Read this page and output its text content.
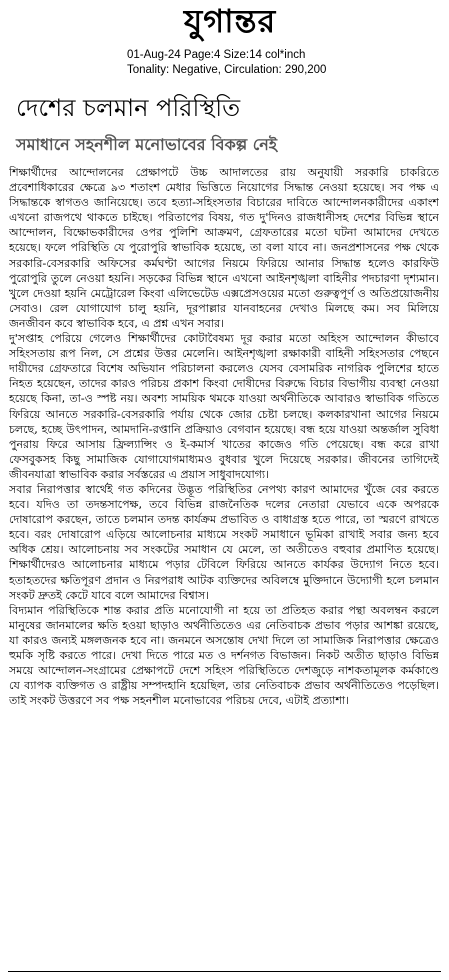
যুগান্তর
01-Aug-24 Page:4 Size:14 col*inch
Tonality: Negative, Circulation: 290,200
দেশের চলমান পরিস্থিতি
সমাধানে সহনশীল মনোভাবের বিকল্প নেই

শিক্ষার্থীদের আন্দোলনের প্রেক্ষাপটে উচ্চ আদালতের রায় অনুযায়ী সরকারি চাকরিতে প্রবেশাধিকারের ক্ষেত্রে ৯৩ শতাংশ মেধার ভিত্তিতে নিয়োগের সিদ্ধান্ত নেওয়া হয়েছে। সব পক্ষ এ সিদ্ধান্তকে স্বাগতও জানিয়েছে। তবে হত্যা-সহিংসতার বিচারের দাবিতে আন্দোলনকারীদের একাংশ এখনো রাজপথে থাকতে চাইছে। পরিতাপের বিষয়, গত দু'দিনও রাজধানীসহ দেশের বিভিন্ন স্থানে আন্দোলন, বিক্ষোভকারীদের ওপর পুলিশি আক্রমণ, গ্রেফতারের মতো ঘটনা আমাদের দেখতে হয়েছে। ফলে পরিস্থিতি যে পুরোপুরি স্বাভাবিক হয়েছে, তা বলা যাবে না। জনপ্রশাসনের পক্ষ থেকে সরকারি-বেসরকারি অফিসের কর্মঘণ্টা আগের নিয়মে ফিরিয়ে আনার সিদ্ধান্ত হলেও কারফিউ পুরোপুরি তুলে নেওয়া হয়নি। সড়কের বিভিন্ন স্থানে এখনো আইনশৃঙ্খলা বাহিনীর পদচারণা দৃশ্যমান। খুলে দেওয়া হয়নি মেট্রোরেল কিংবা এলিভেটেড এক্সপ্রেসওয়ের মতো গুরুত্বপূর্ণ ও অতিপ্রয়োজনীয় সেবাও। রেল যোগাযোগ চালু হয়নি, দূরপাল্লার যানবাহনের দেখাও মিলছে কম। সব মিলিয়ে জনজীবন কবে স্বাভাবিক হবে, এ প্রশ্ন এখন সবার।

দু'সপ্তাহ পেরিয়ে গেলেও শিক্ষার্থীদের কোটাবৈষম্য দূর করার মতো অহিংস আন্দোলন কীভাবে সহিংসতায় রূপ নিল, সে প্রশ্নের উত্তর মেলেনি। আইনশৃঙ্খলা রক্ষাকারী বাহিনী সহিংসতার পেছনে দায়ীদের গ্রেফতারে বিশেষ অভিযান পরিচালনা করলেও যেসব বেসামরিক নাগরিক পুলিশের হাতে নিহত হয়েছেন, তাদের কারও পরিচয় প্রকাশ কিংবা দোষীদের বিরুদ্ধে বিচার বিভাগীয় ব্যবস্থা নেওয়া হয়েছে কিনা, তা-ও স্পষ্ট নয়। অবশ্য সাময়িক থমকে যাওয়া অর্থনীতিকে আবারও স্বাভাবিক গতিতে ফিরিয়ে আনতে সরকারি-বেসরকারি পর্যায় থেকে জোর চেষ্টা চলছে। কলকারখানা আগের নিয়মে চলছে, হচ্ছে উৎপাদন, আমদানি-রপ্তানি প্রক্রিয়াও বেগবান হয়েছে। বন্ধ হয়ে যাওয়া অন্তর্জাল সুবিধা পুনরায় ফিরে আসায় ফ্রিল্যান্সিং ও ই-কমার্স খাতের কাজেও গতি পেয়েছে। বন্ধ করে রাখা ফেসবুকসহ কিছু সামাজিক যোগাযোগমাধ্যমও বুধবার খুলে দিয়েছে সরকার। জীবনের তাগিদেই জীবনযাত্রা স্বাভাবিক করার সর্বস্তরের এ প্রয়াস সাধুবাদযোগ্য।

সবার নিরাপত্তার স্বার্থেই গত কদিনের উদ্ভূত পরিস্থিতির নেপথ্য কারণ আমাদের খুঁজে বের করতে হবে। যদিও তা তদন্তসাপেক্ষ, তবে বিভিন্ন রাজনৈতিক দলের নেতারা যেভাবে একে অপরকে দোষারোপ করছেন, তাতে চলমান তদন্ত কার্যক্রম প্রভাবিত ও বাধাগ্রস্ত হতে পারে, তা স্মরণে রাখতে হবে। বরং দোষারোপ এড়িয়ে আলোচনার মাধ্যমে সংকট সমাধানে ভূমিকা রাখাই সবার জন্য হবে অধিক শ্রেয়। আলোচনায় সব সংকটের সমাধান যে মেলে, তা অতীতেও বহুবার প্রমাণিত হয়েছে। শিক্ষার্থীদেরও আলোচনার মাধ্যমে পড়ার টেবিলে ফিরিয়ে আনতে কার্যকর উদ্যোগ নিতে হবে। হতাহতদের ক্ষতিপূরণ প্রদান ও নিরপরাধ আটক ব্যক্তিদের অবিলম্বে মুক্তিদানে উদ্যোগী হলে চলমান সংকট দ্রুতই কেটে যাবে বলে আমাদের বিশ্বাস।

বিদ্যমান পরিস্থিতিকে শান্ত করার প্রতি মনোযোগী না হয়ে তা প্রতিহত করার পন্থা অবলম্বন করলে মানুষের জানমালের ক্ষতি হওয়া ছাড়াও অর্থনীতিতেও এর নেতিবাচক প্রভাব পড়ার আশঙ্কা রয়েছে, যা কারও জন্যই মঙ্গলজনক হবে না। জনমনে অসন্তোষ দেখা দিলে তা সামাজিক নিরাপত্তার ক্ষেত্রেও হুমকি সৃষ্টি করতে পারে। দেখা দিতে পারে মত ও দর্শনগত বিভাজন। নিকট অতীত ছাড়াও বিভিন্ন সময়ে আন্দোলন-সংগ্রামের প্রেক্ষাপটে দেশে সহিংস পরিস্থিতিতে দেশজুড়ে নাশকতামূলক কর্মকাণ্ডে যে ব্যাপক ব্যক্তিগত ও রাষ্ট্রীয় সম্পদহানি হয়েছিল, তার নেতিবাচক প্রভাব অর্থনীতিতেও পড়েছিল। তাই সংকট উত্তরণে সব পক্ষ সহনশীল মনোভাবের পরিচয় দেবে, এটাই প্রত্যাশা।
